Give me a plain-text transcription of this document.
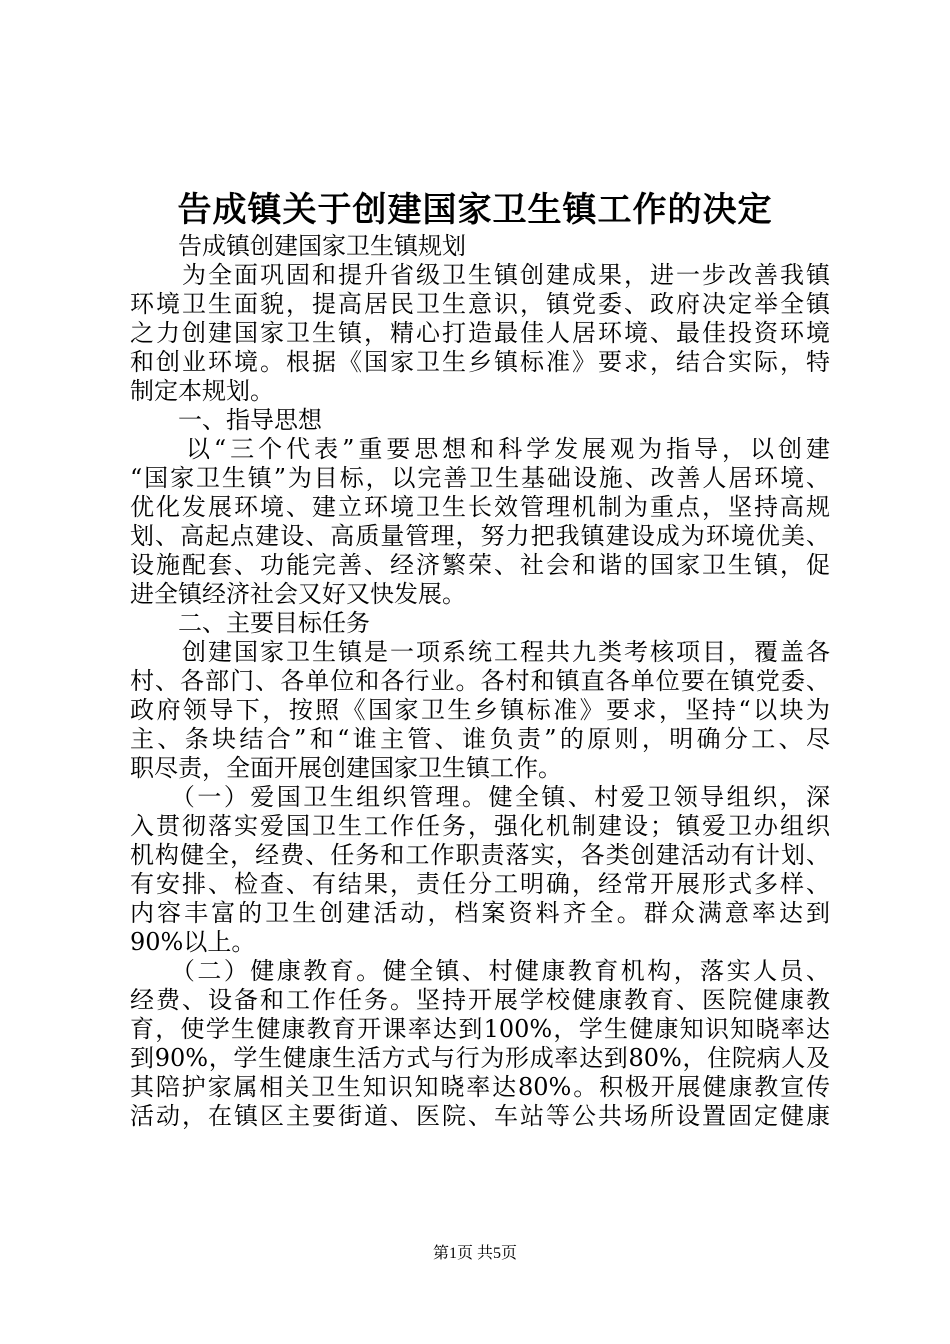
告成镇关于创建国家卫生镇工作的决定
　　告成镇创建国家卫生镇规划
　　为全面巩固和提升省级卫生镇创建成果，进一步改善我镇
环境卫生面貌，提高居民卫生意识，镇党委、政府决定举全镇
之力创建国家卫生镇，精心打造最佳人居环境、最佳投资环境
和创业环境。根据《国家卫生乡镇标准》要求，结合实际，特
制定本规划。
　　一、指导思想
　　以“三个代表”重要思想和科学发展观为指导，以创建
“国家卫生镇”为目标，以完善卫生基础设施、改善人居环境、
优化发展环境、建立环境卫生长效管理机制为重点，坚持高规
划、高起点建设、高质量管理，努力把我镇建设成为环境优美、
设施配套、功能完善、经济繁荣、社会和谐的国家卫生镇，促
进全镇经济社会又好又快发展。
　　二、主要目标任务
　　创建国家卫生镇是一项系统工程共九类考核项目，覆盖各
村、各部门、各单位和各行业。各村和镇直各单位要在镇党委、
政府领导下，按照《国家卫生乡镇标准》要求，坚持“以块为
主、条块结合”和“谁主管、谁负责”的原则，明确分工、尽
职尽责，全面开展创建国家卫生镇工作。
　　（一）爱国卫生组织管理。健全镇、村爱卫领导组织，深
入贯彻落实爱国卫生工作任务，强化机制建设；镇爱卫办组织
机构健全，经费、任务和工作职责落实，各类创建活动有计划、
有安排、检查、有结果，责任分工明确，经常开展形式多样、
内容丰富的卫生创建活动，档案资料齐全。群众满意率达到
90%以上。
　　（二）健康教育。健全镇、村健康教育机构，落实人员、
经费、设备和工作任务。坚持开展学校健康教育、医院健康教
育，使学生健康教育开课率达到100%，学生健康知识知晓率达
到90%，学生健康生活方式与行为形成率达到80%，住院病人及
其陪护家属相关卫生知识知晓率达80%。积极开展健康教宣传
活动，在镇区主要街道、医院、车站等公共场所设置固定健康
第1页 共5页
